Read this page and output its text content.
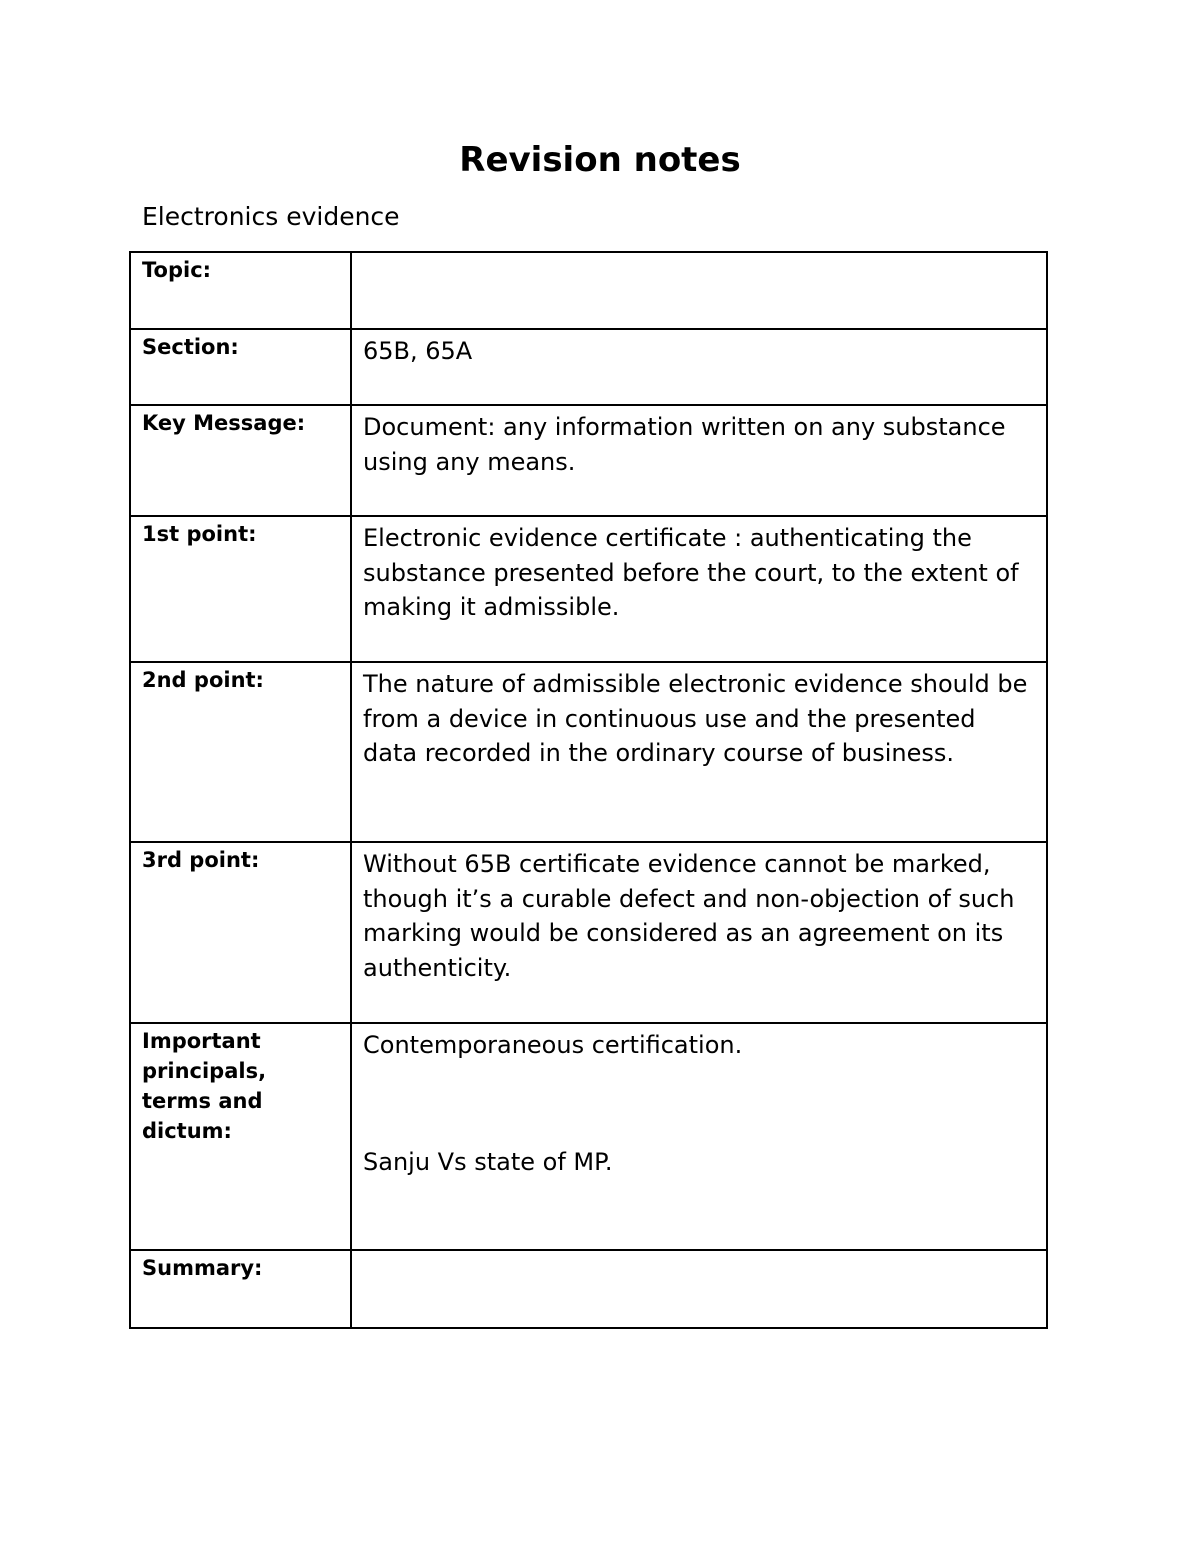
Revision notes

Electronics evidence

Topic:	

Section:	65B, 65A

Key Message:	Document: any information written on any substance using any means.

1st point:	Electronic evidence certificate : authenticating the substance presented before the court, to the extent of making it admissible.

2nd point:	The nature of admissible electronic evidence should be from a device in continuous use and the presented data recorded in the ordinary course of business.

3rd point:	Without 65B certificate evidence cannot be marked, though it’s a curable defect and non-objection of such marking would be considered as an agreement on its authenticity.

Important principals, terms and dictum:	Contemporaneous certification.
Sanju Vs state of MP.

Summary:	
